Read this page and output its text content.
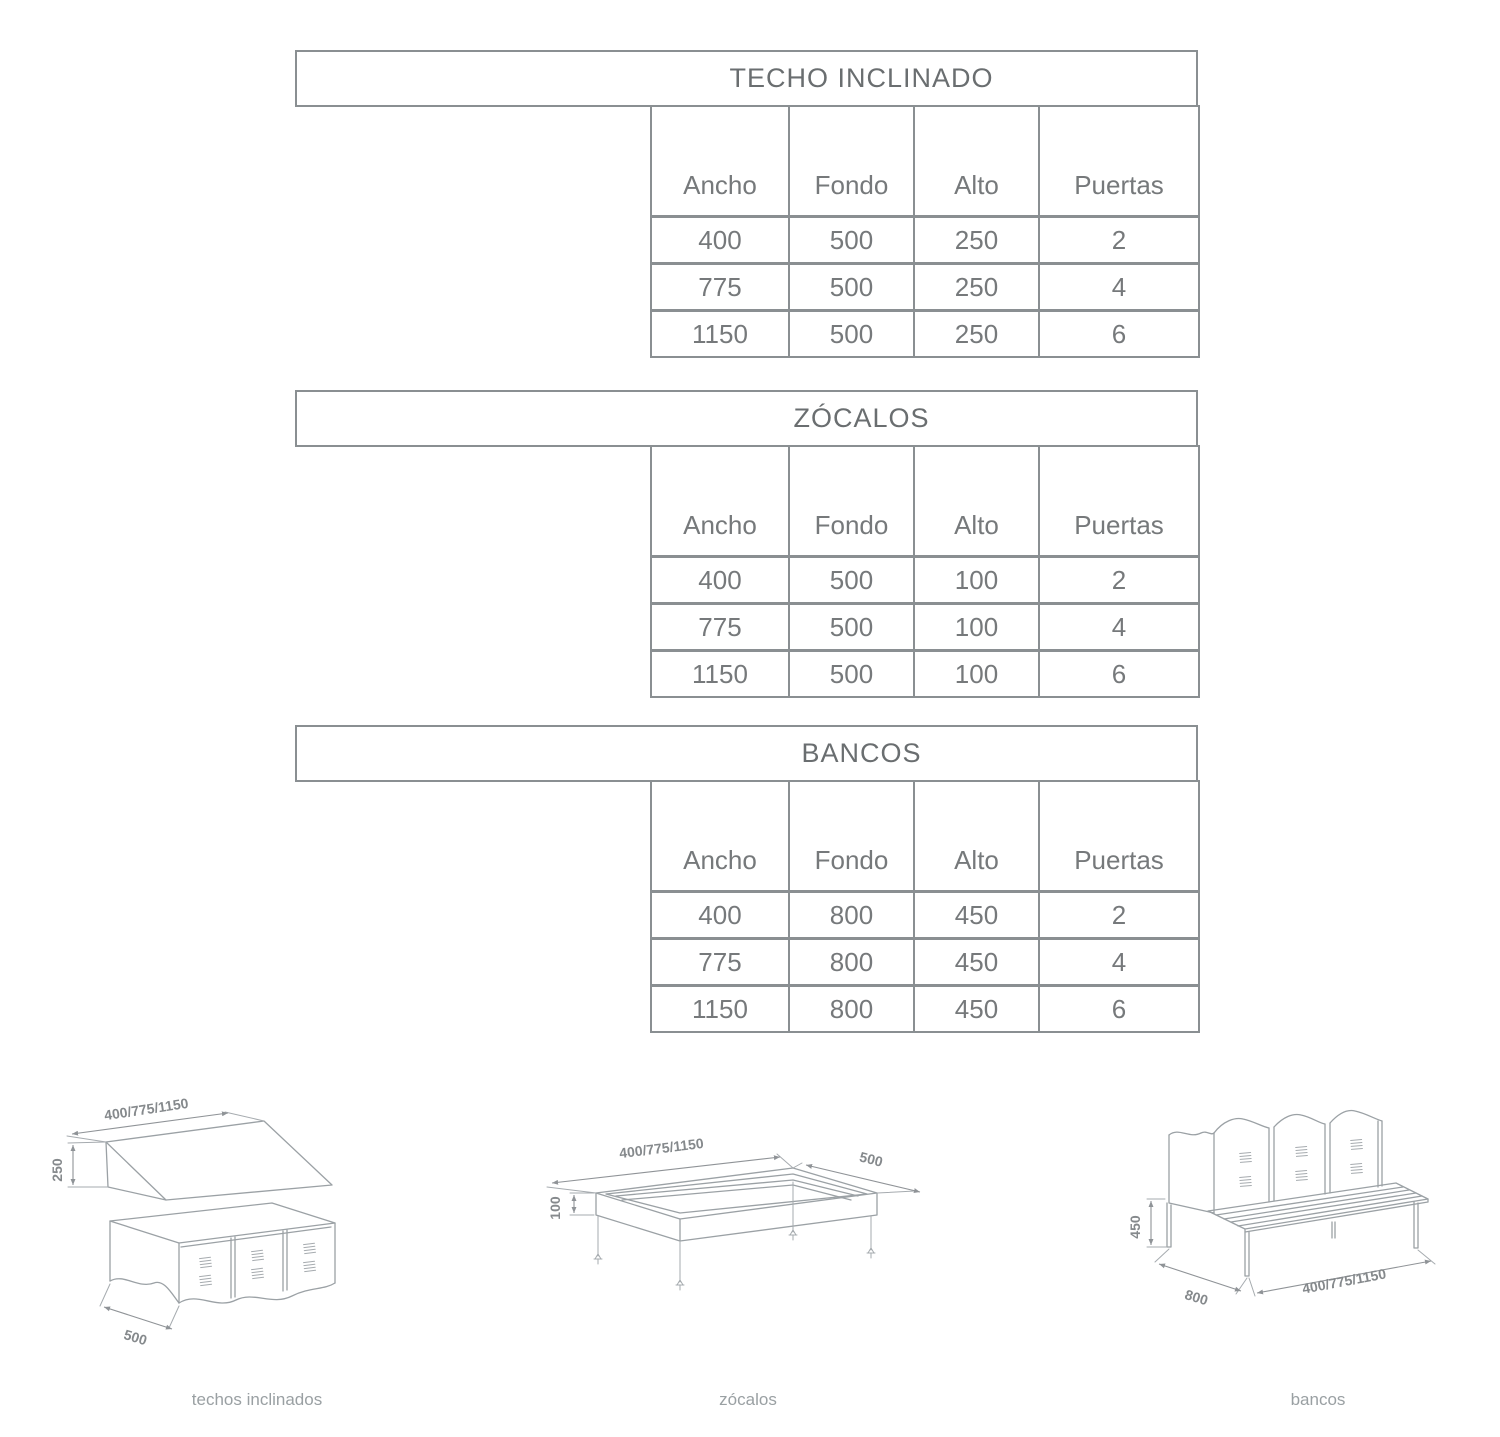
TECHO INCLINADO
Ancho	Fondo	Alto	Puertas
400	500	250	2
775	500	250	4
1150	500	250	6
ZÓCALOS
Ancho	Fondo	Alto	Puertas
400	500	100	2
775	500	100	4
1150	500	100	6
BANCOS
Ancho	Fondo	Alto	Puertas
400	800	450	2
775	800	450	4
1150	800	450	6
400/775/1150
250
500
400/775/1150	500
100
450
800
400/775/1150
techos inclinados	zócalos	bancos
